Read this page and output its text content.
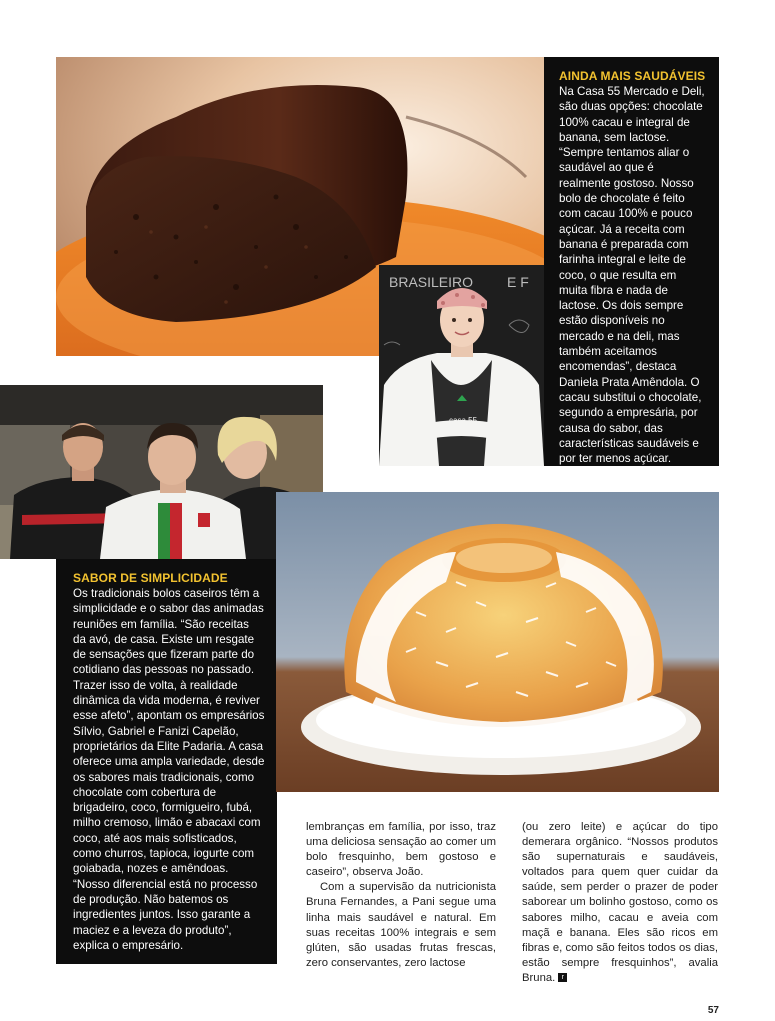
AINDA MAIS SAUDÁVEIS

Na Casa 55 Mercado e Deli, são duas opções: chocolate 100% cacau e integral de banana, sem lactose. “Sempre tentamos aliar o saudável ao que é realmente gostoso. Nosso bolo de chocolate é feito com cacau 100% e pouco açúcar. Já a receita com banana é preparada com farinha integral e leite de coco, o que resulta em muita fibra e nada de lactose. Os dois sempre estão disponíveis no mercado e na deli, mas também aceitamos encomendas”, destaca Daniela Prata Amêndola. O cacau substitui o chocolate, segundo a empresária, por causa do sabor, das características saudáveis e por ter menos açúcar.

BRASILEIRO E F
casa 55
SABOR DE SIMPLICIDADE

Os tradicionais bolos caseiros têm a simplicidade e o sabor das animadas reuniões em família. “São receitas da avó, de casa. Existe um resgate de sensações que fizeram parte do cotidiano das pessoas no passado. Trazer isso de volta, à realidade dinâmica da vida moderna, é reviver esse afeto”, apontam os empresários Sílvio, Gabriel e Fanizi Capelão, proprietários da Elite Padaria. A casa oferece uma ampla variedade, desde os sabores mais tradicionais, como chocolate com cobertura de brigadeiro, coco, formigueiro, fubá, milho cremoso, limão e abacaxi com coco, até aos mais sofisticados, como churros, tapioca, iogurte com goiabada, nozes e amêndoas. “Nosso diferencial está no processo de produção. Não batemos os ingredientes juntos. Isso garante a maciez e a leveza do produto”, explica o empresário.

lembranças em família, por isso, traz uma deliciosa sensação ao comer um bolo fresquinho, bem gostoso e caseiro”, observa João.

Com a supervisão da nutricionista Bruna Fernandes, a Pani segue uma linha mais saudável e natural. Em suas receitas 100% integrais e sem glúten, são usadas frutas frescas, zero conservantes, zero lactose

(ou zero leite) e açúcar do tipo demerara orgânico. “Nossos produtos são supernaturais e saudáveis, voltados para quem quer cuidar da saúde, sem perder o prazer de poder saborear um bolinho gostoso, como os sabores milho, cacau e aveia com maçã e banana. Eles são ricos em fibras e, como são feitos todos os dias, estão sempre fresquinhos”, avalia Bruna. r

57
